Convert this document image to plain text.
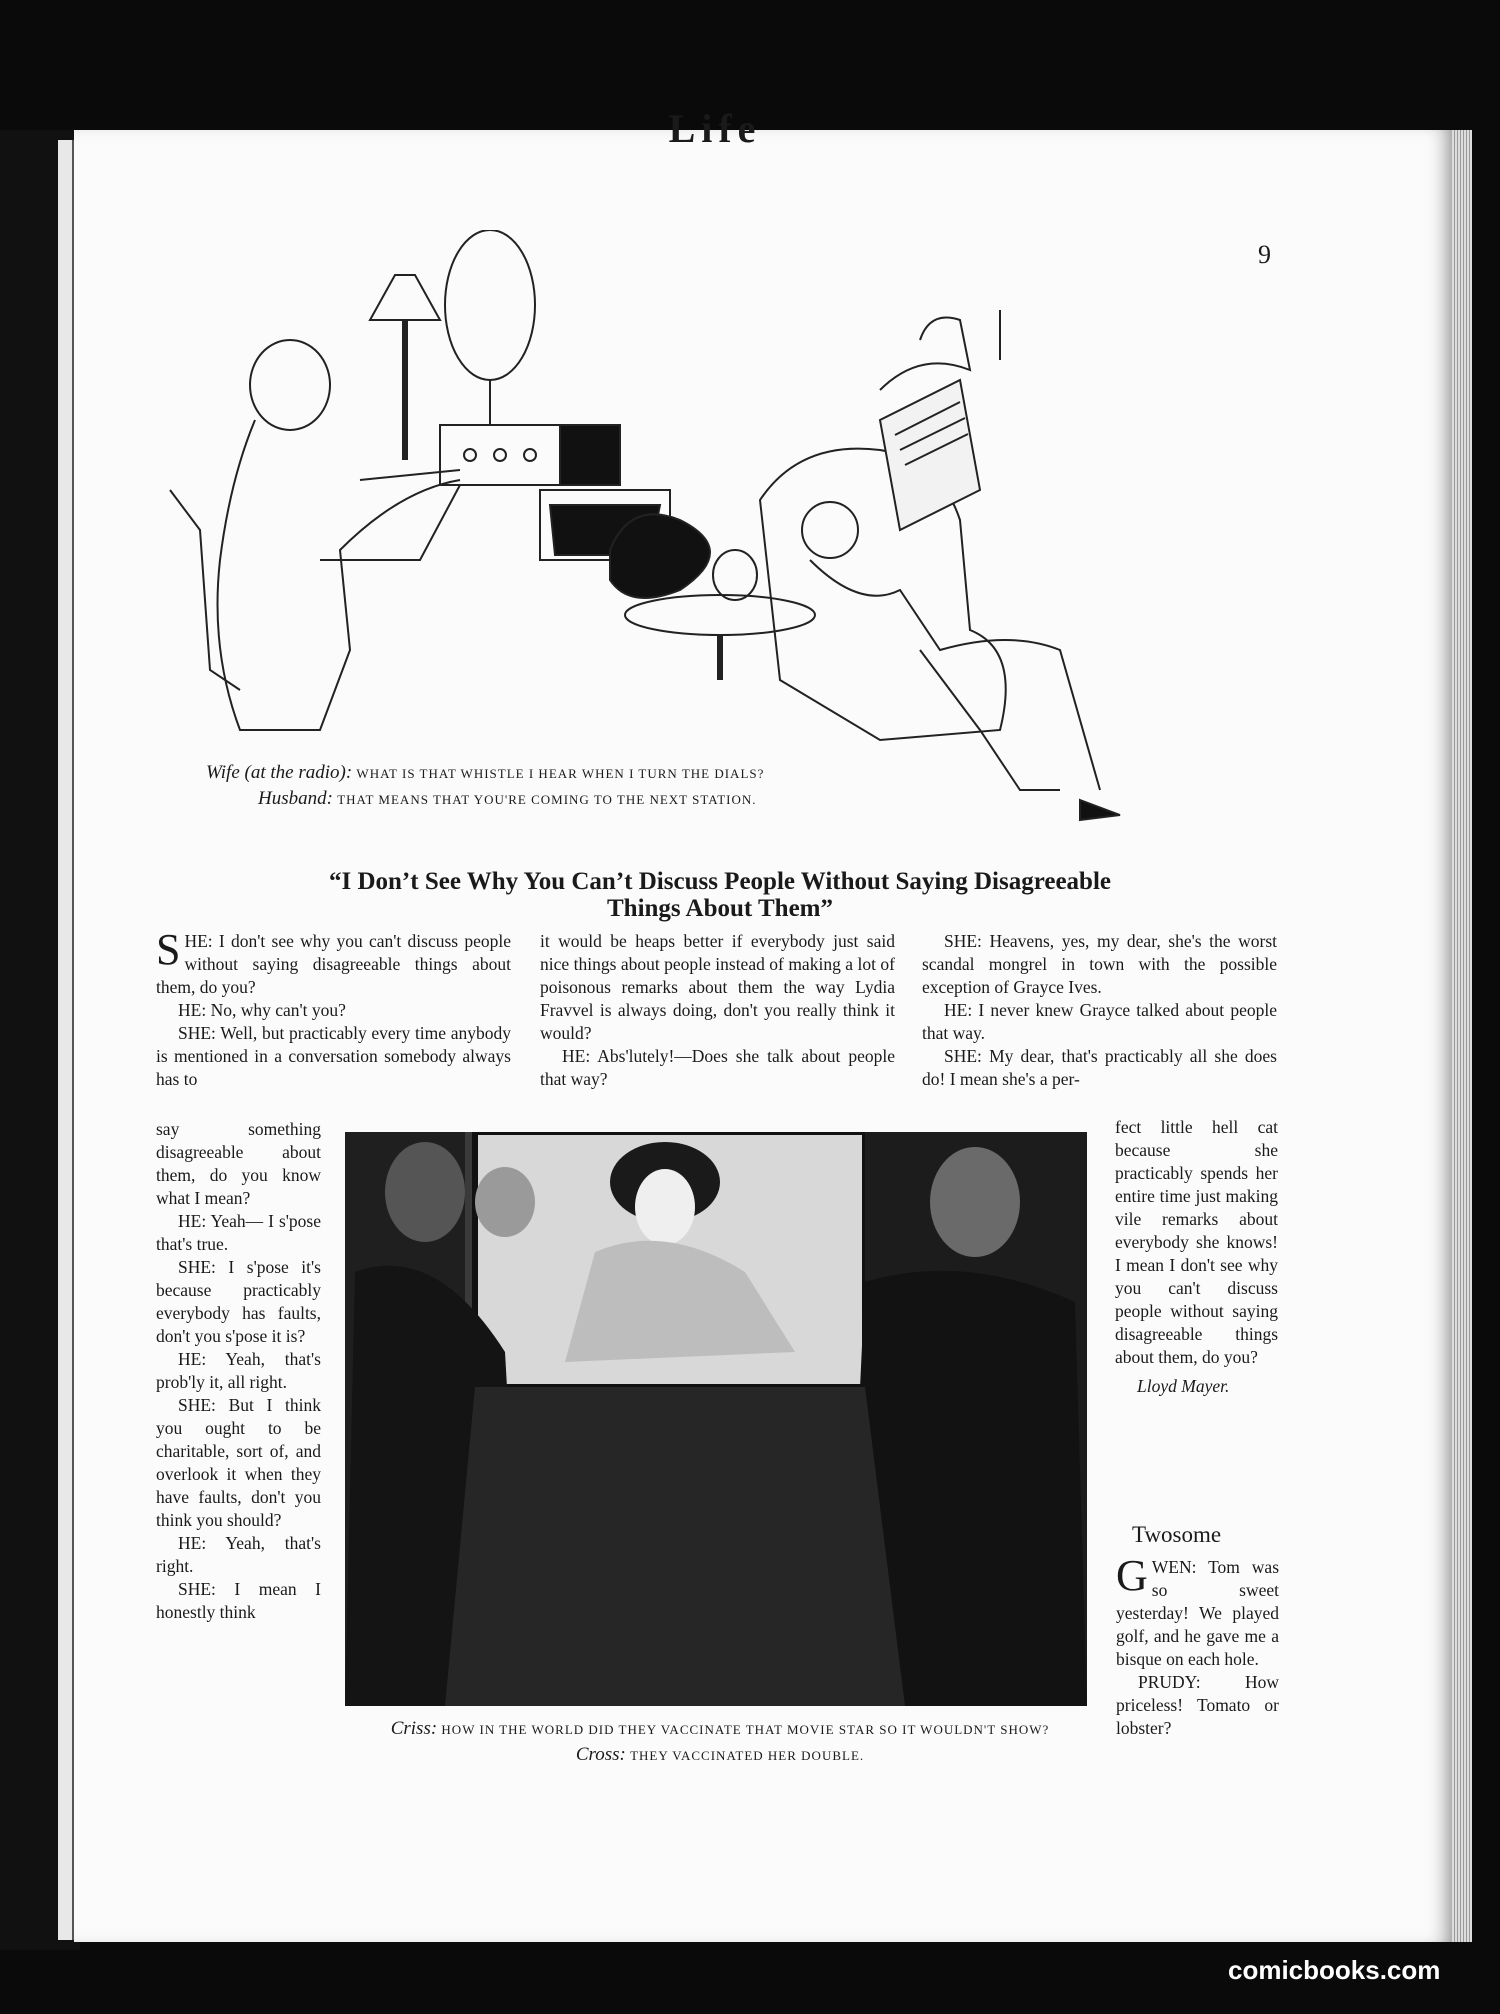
Life
9
Wife (at the radio): WHAT IS THAT WHISTLE I HEAR WHEN I TURN THE DIALS?
Husband: THAT MEANS THAT YOU'RE COMING TO THE NEXT STATION.
“I Don’t See Why You Can’t Discuss People Without Saying Disagreeable Things About Them”

SHE: I don't see why you can't discuss people without saying disagreeable things about them, do you?

HE: No, why can't you?

SHE: Well, but practicably every time anybody is mentioned in a conversation somebody always has to

say something disagreeable about them, do you know what I mean?

HE: Yeah— I s'pose that's true.

SHE: I s'pose it's because practicably everybody has faults, don't you s'pose it is?

HE: Yeah, that's prob'ly it, all right.

SHE: But I think you ought to be charitable, sort of, and overlook it when they have faults, don't you think you should?

HE: Yeah, that's right.

SHE: I mean I honestly think

it would be heaps better if everybody just said nice things about people instead of making a lot of poisonous remarks about them the way Lydia Fravvel is always doing, don't you really think it would?

HE: Abs'lutely!—Does she talk about people that way?

SHE: Heavens, yes, my dear, she's the worst scandal mongrel in town with the possible exception of Grayce Ives.

HE: I never knew Grayce talked about people that way.

SHE: My dear, that's practicably all she does do! I mean she's a per-

fect little hell cat because she practicably spends her entire time just making vile remarks about everybody she knows! I mean I don't see why you can't discuss people without saying disagreeable things about them, do you?

Lloyd Mayer.

Criss: HOW IN THE WORLD DID THEY VACCINATE THAT MOVIE STAR SO IT WOULDN'T SHOW?
Cross: THEY VACCINATED HER DOUBLE.
Twosome

GWEN: Tom was so sweet yesterday! We played golf, and he gave me a bisque on each hole.

PRUDY: How priceless! Tomato or lobster?

comicbooks.com
